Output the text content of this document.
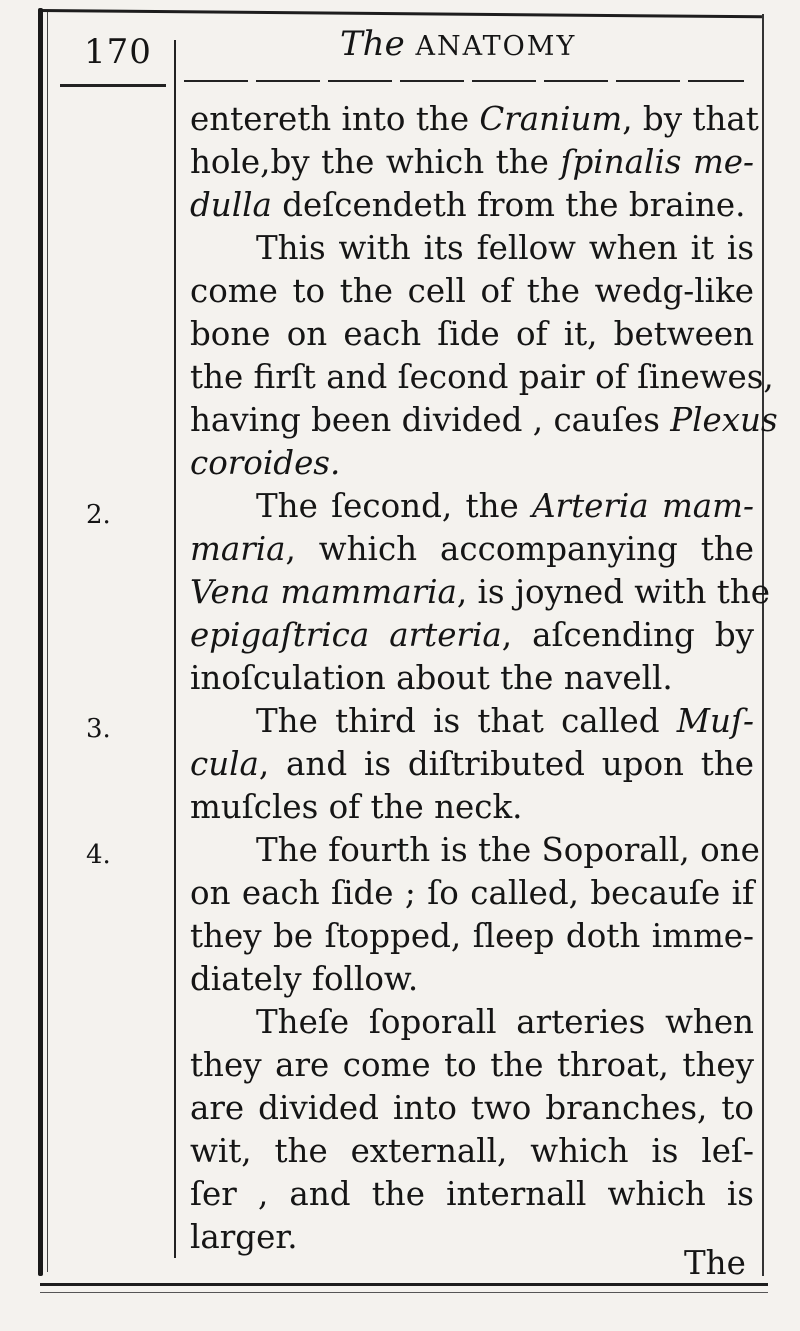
170	The ANATOMY
2.
3.
4.
entereth into the Cranium, by that
hole,by the which the ſpinalis me-
dulla deſcendeth from the braine.
This with its fellow when it is
come to the cell of the wedg-like
bone on each ſide of it, between
the firſt and ſecond pair of ſinewes,
having been divided , cauſes Plexus
coroides.
The ſecond, the Arteria mam-
maria, which accompanying the
Vena mammaria, is joyned with the
epigaſtrica arteria, aſcending by
inoſculation about the navell.
The third is that called Muſ-
cula, and is diſtributed upon the
muſcles of the neck.
The fourth is the Soporall, one
on each ſide ; ſo called, becauſe if
they be ſtopped, ſleep doth imme-
diately follow.
Theſe ſoporall arteries when
they are come to the throat, they
are divided into two branches, to
wit, the externall, which is leſ-
ſer , and the internall which is
larger.
The
